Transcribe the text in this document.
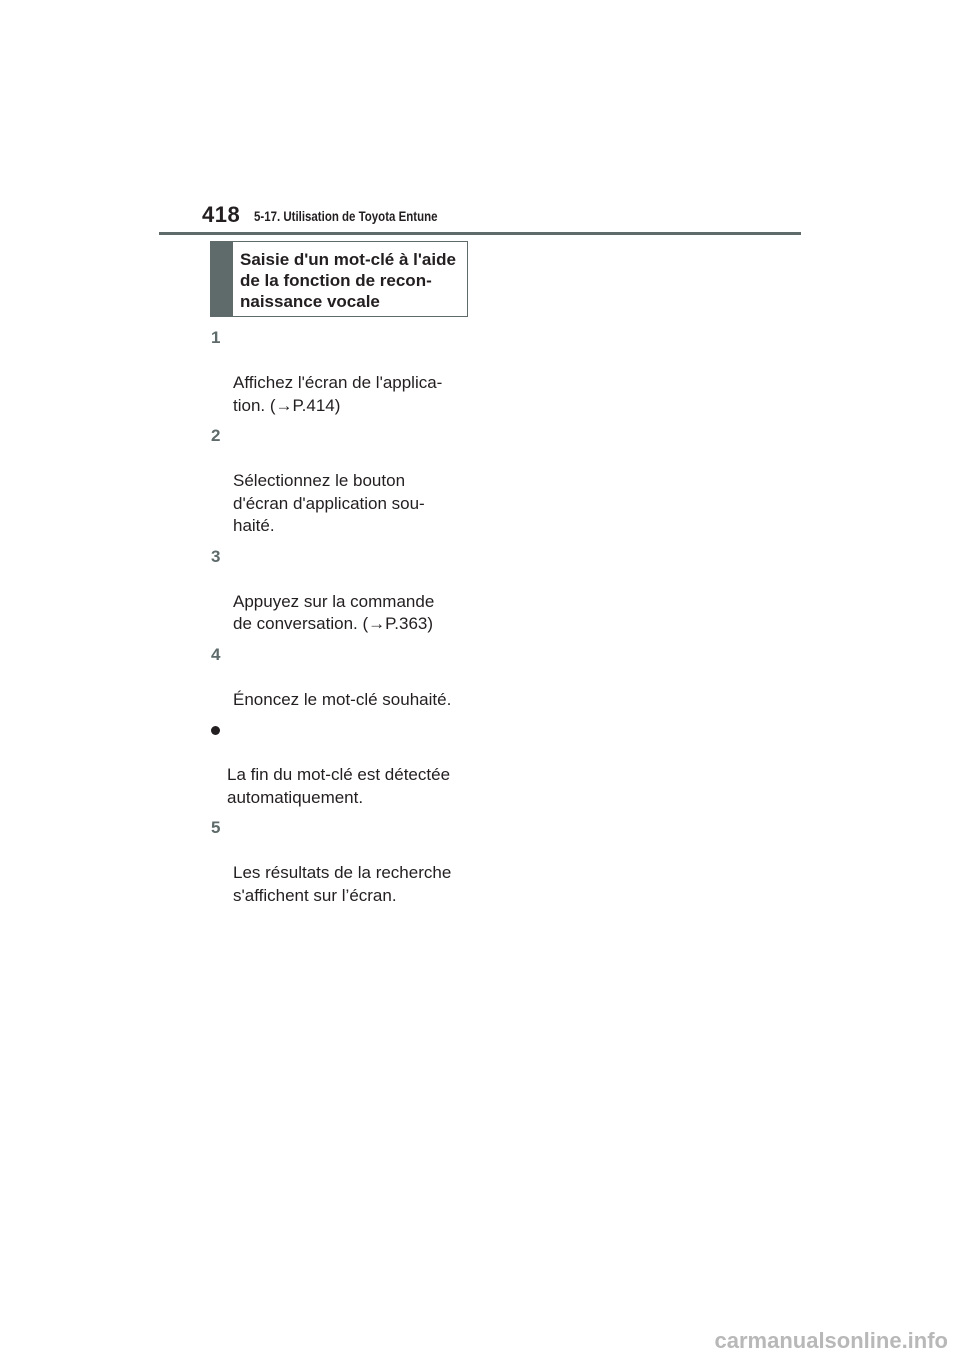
418 5-17. Utilisation de Toyota Entune
Saisie d'un mot-clé à l'aide
de la fonction de recon-
naissance vocale

1

Affichez l'écran de l'applica-
tion. (→P.414)

2

Sélectionnez le bouton
d'écran d'application sou-
haité.

3

Appuyez sur la commande
de conversation. (→P.363)

4

Énoncez le mot-clé souhaité.

La fin du mot-clé est détectée
automatiquement.

5

Les résultats de la recherche
s'affichent sur l’écran.

carmanualsonline.info
